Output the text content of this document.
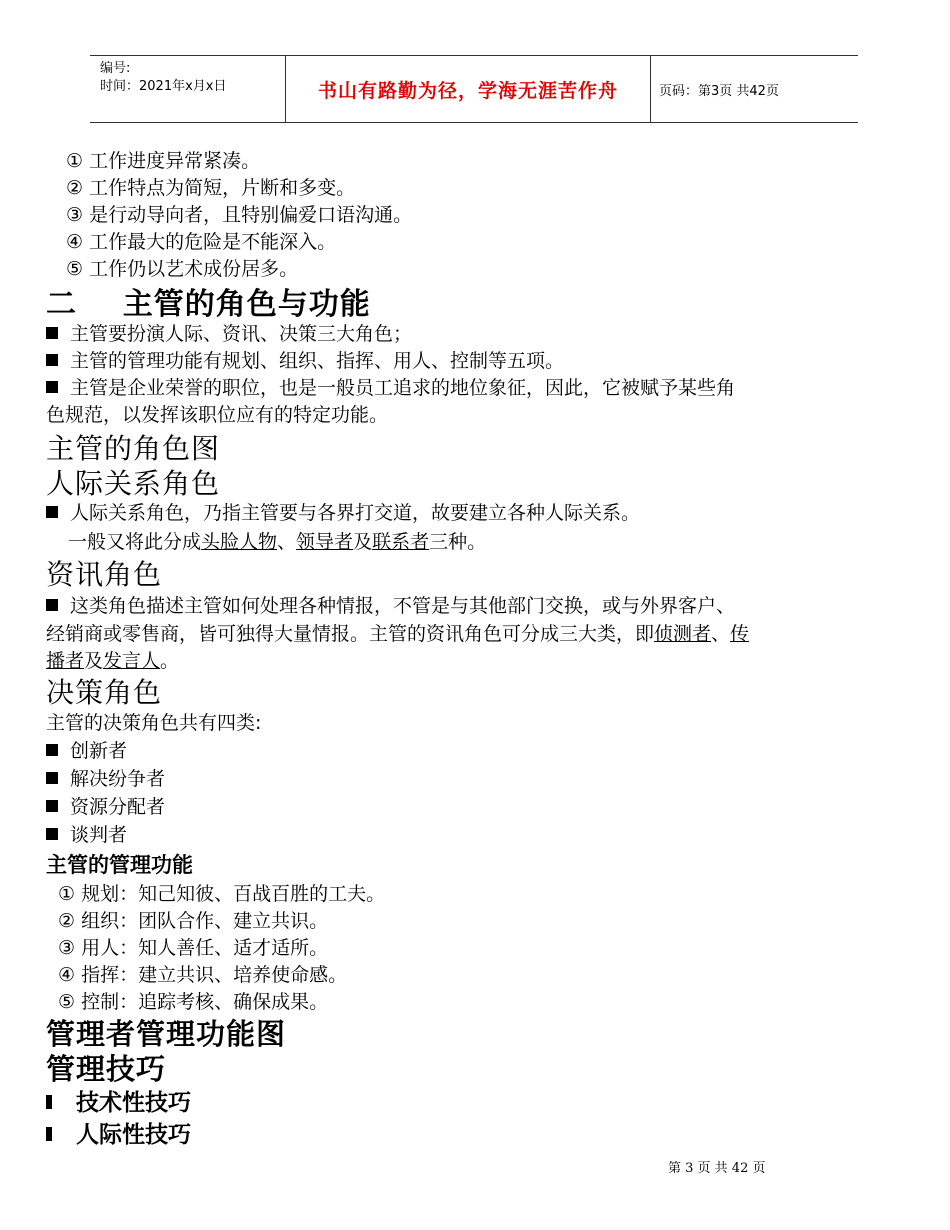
编号:
时间：2021年x月x日	书山有路勤为径，学海无涯苦作舟	页码：第3页 共42页
① 工作进度异常紧凑。
② 工作特点为简短，片断和多变。
③ 是行动导向者，且特别偏爱口语沟通。
④ 工作最大的危险是不能深入。
⑤ 工作仍以艺术成份居多。
二    主管的角色与功能
主管要扮演人际、资讯、决策三大角色；
主管的管理功能有规划、组织、指挥、用人、控制等五项。
主管是企业荣誉的职位，也是一般员工追求的地位象征，因此，它被赋予某些角
色规范，以发挥该职位应有的特定功能。
主管的角色图
人际关系角色
人际关系角色，乃指主管要与各界打交道，故要建立各种人际关系。
一般又将此分成头脸人物、领导者及联系者三种。
资讯角色
这类角色描述主管如何处理各种情报，不管是与其他部门交换，或与外界客户、
经销商或零售商，皆可独得大量情报。主管的资讯角色可分成三大类，即侦测者、传
播者及发言人。
决策角色
主管的决策角色共有四类:
创新者
解决纷争者
资源分配者
谈判者
主管的管理功能
① 规划：知己知彼、百战百胜的工夫。
② 组织：团队合作、建立共识。
③ 用人：知人善任、适才适所。
④ 指挥：建立共识、培养使命感。
⑤ 控制：追踪考核、确保成果。
管理者管理功能图
管理技巧
技术性技巧
人际性技巧
第 3 页 共 42 页
